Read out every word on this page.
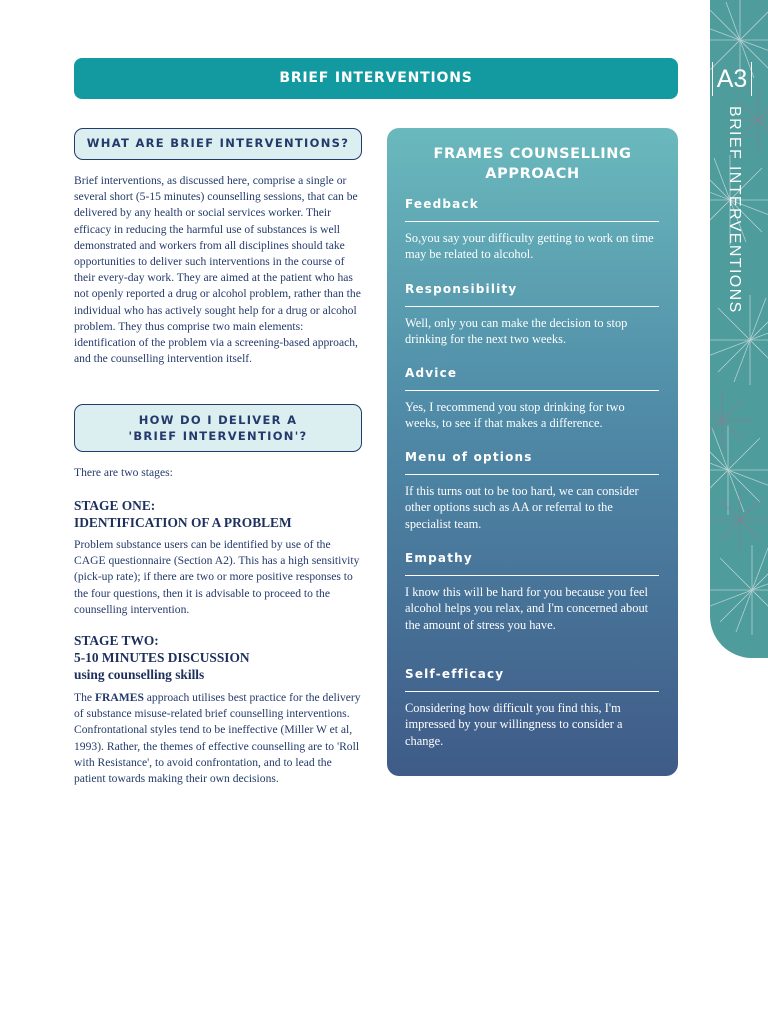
A3
BRIEF INTERVENTIONS
BRIEF INTERVENTIONS
WHAT ARE BRIEF INTERVENTIONS?

Brief interventions, as discussed here, comprise a single or several short (5-15 minutes) counselling sessions, that can be delivered by any health or social services worker. Their efficacy in reducing the harmful use of substances is well demonstrated and workers from all disciplines should take opportunities to deliver such interventions in the course of their every-day work. They are aimed at the patient who has not openly reported a drug or alcohol problem, rather than the individual who has actively sought help for a drug or alcohol problem. They thus comprise two main elements: identification of the problem via a screening-based approach, and the counselling intervention itself.

HOW DO I DELIVER A
'BRIEF INTERVENTION'?

There are two stages:

STAGE ONE:
IDENTIFICATION OF A PROBLEM

Problem substance users can be identified by use of the CAGE questionnaire (Section A2). This has a high sensitivity (pick-up rate); if there are two or more positive responses to the four questions, then it is advisable to proceed to the counselling intervention.

STAGE TWO:
5-10 MINUTES DISCUSSION
using counselling skills

The FRAMES approach utilises best practice for the delivery of substance misuse-related brief counselling interventions. Confrontational styles tend to be ineffective (Miller W et al, 1993). Rather, the themes of effective counselling are to 'Roll with Resistance', to avoid confrontation, and to lead the patient towards making their own decisions.

FRAMES COUNSELLING
APPROACH
Feedback
So,you say your difficulty getting to work on time may be related to alcohol.
Responsibility
Well, only you can make the decision to stop drinking for the next two weeks.
Advice
Yes, I recommend you stop drinking for two weeks, to see if that makes a difference.
Menu of options
If this turns out to be too hard, we can consider other options such as AA or referral to the specialist team.
Empathy
I know this will be hard for you because you feel alcohol helps you relax, and I'm concerned about the amount of stress you have.
Self-efficacy
Considering how difficult you find this, I'm impressed by your willingness to consider a change.
